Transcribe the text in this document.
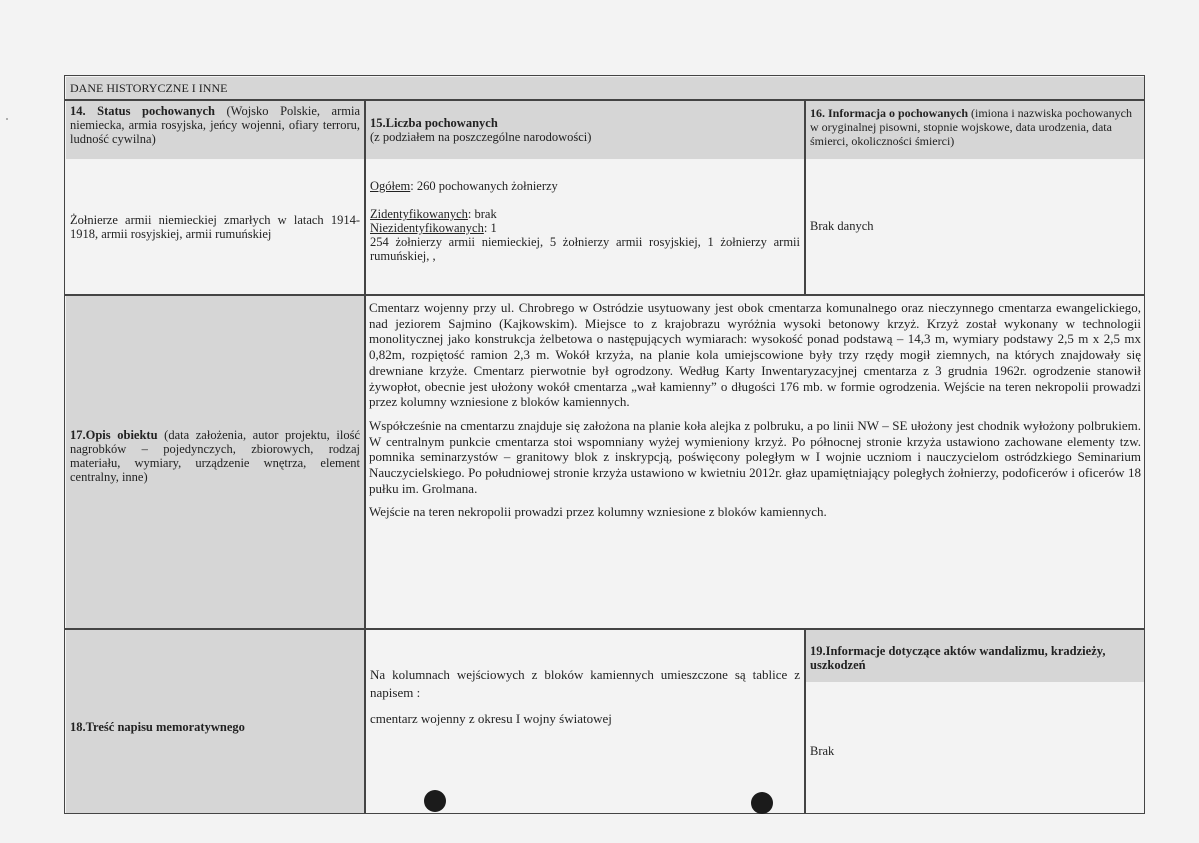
DANE HISTORYCZNE I INNE

14. Status pochowanych (Wojsko Polskie, armia niemiecka, armia rosyjska, jeńcy wojenni, ofiary terroru, ludność cywilna)

Żołnierze armii niemieckiej zmarłych w latach 1914-1918, armii rosyjskiej, armii rumuńskiej

15.Liczba pochowanych

(z podziałem na poszczególne narodowości)

Ogółem: 260 pochowanych żołnierzy

Zidentyfikowanych: brak

Niezidentyfikowanych: 1

254 żołnierzy armii niemieckiej, 5 żołnierzy armii rosyjskiej, 1 żołnierzy armii rumuńskiej, ,

16. Informacja o pochowanych (imiona i nazwiska pochowanych w oryginalnej pisowni, stopnie wojskowe, data urodzenia, data śmierci, okoliczności śmierci)

Brak danych

17.Opis obiektu (data założenia, autor projektu, ilość nagrobków – pojedynczych, zbiorowych, rodzaj materiału, wymiary, urządzenie wnętrza, element centralny, inne)

Cmentarz wojenny przy ul. Chrobrego w Ostródzie usytuowany jest obok cmentarza komunalnego oraz nieczynnego cmentarza ewangelickiego, nad jeziorem Sajmino (Kajkowskim). Miejsce to z krajobrazu wyróżnia wysoki betonowy krzyż. Krzyż został wykonany w technologii monolitycznej jako konstrukcja żelbetowa o następujących wymiarach: wysokość ponad podstawą – 14,3 m, wymiary podstawy 2,5 m x 2,5 mx 0,82m, rozpiętość ramion 2,3 m. Wokół krzyża, na planie kola umiejscowione były trzy rzędy mogił ziemnych, na których znajdowały się drewniane krzyże. Cmentarz pierwotnie był ogrodzony. Według Karty Inwentaryzacyjnej cmentarza z 3 grudnia 1962r. ogrodzenie stanowił żywopłot, obecnie jest ułożony wokół cmentarza „wał kamienny” o długości 176 mb. w formie ogrodzenia. Wejście na teren nekropolii prowadzi przez kolumny wzniesione z bloków kamiennych.

Współcześnie na cmentarzu znajduje się założona na planie koła alejka z polbruku, a po linii NW – SE ułożony jest chodnik wyłożony polbrukiem. W centralnym punkcie cmentarza stoi wspomniany wyżej wymieniony krzyż. Po północnej stronie krzyża ustawiono zachowane elementy tzw. pomnika seminarzystów – granitowy blok z inskrypcją, poświęcony poległym w I wojnie uczniom i nauczycielom ostródzkiego Seminarium Nauczycielskiego. Po południowej stronie krzyża ustawiono w kwietniu 2012r. głaz upamiętniający poległych żołnierzy, podoficerów i oficerów 18 pułku im. Grolmana.

Wejście na teren nekropolii prowadzi przez kolumny wzniesione z bloków kamiennych.

18.Treść napisu memoratywnego

Na kolumnach wejściowych z bloków kamiennych umieszczone są tablice z napisem :

cmentarz wojenny z okresu I wojny światowej

19.Informacje dotyczące aktów wandalizmu, kradzieży, uszkodzeń

Brak
